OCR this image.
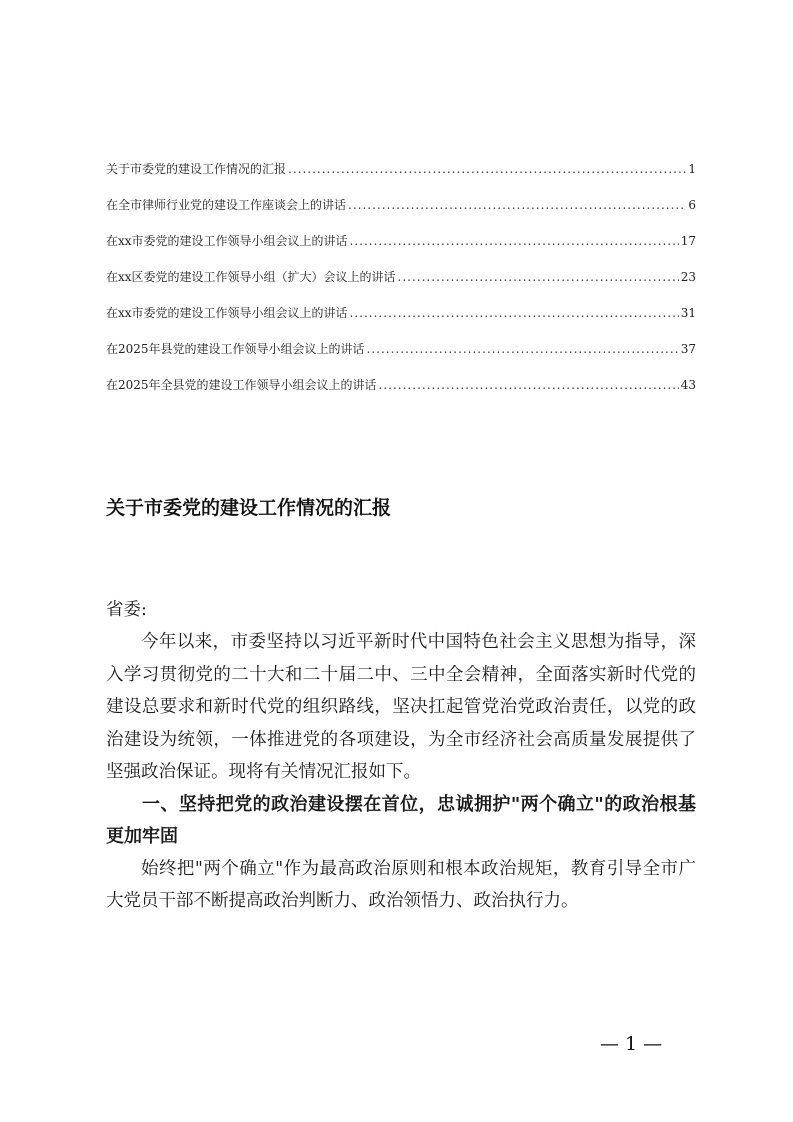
关于市委党的建设工作情况的汇报 .....	1
在全市律师行业党的建设工作座谈会上的讲话 .....	6
在xx市委党的建设工作领导小组会议上的讲话 .....	17
在xx区委党的建设工作领导小组（扩大）会议上的讲话 .....	23
在xx市委党的建设工作领导小组会议上的讲话 .....	31
在2025年县党的建设工作领导小组会议上的讲话 .....	37
在2025年全县党的建设工作领导小组会议上的讲话 .....	43
关于市委党的建设工作情况的汇报

省委:

今年以来，市委坚持以习近平新时代中国特色社会主义思想为指导，深入学习贯彻党的二十大和二十届二中、三中全会精神，全面落实新时代党的建设总要求和新时代党的组织路线，坚决扛起管党治党政治责任，以党的政治建设为统领，一体推进党的各项建设，为全市经济社会高质量发展提供了坚强政治保证。现将有关情况汇报如下。

一、坚持把党的政治建设摆在首位，忠诚拥护"两个确立"的政治根基更加牢固

始终把"两个确立"作为最高政治原则和根本政治规矩，教育引导全市广大党员干部不断提高政治判断力、政治领悟力、政治执行力。

— 1 —
